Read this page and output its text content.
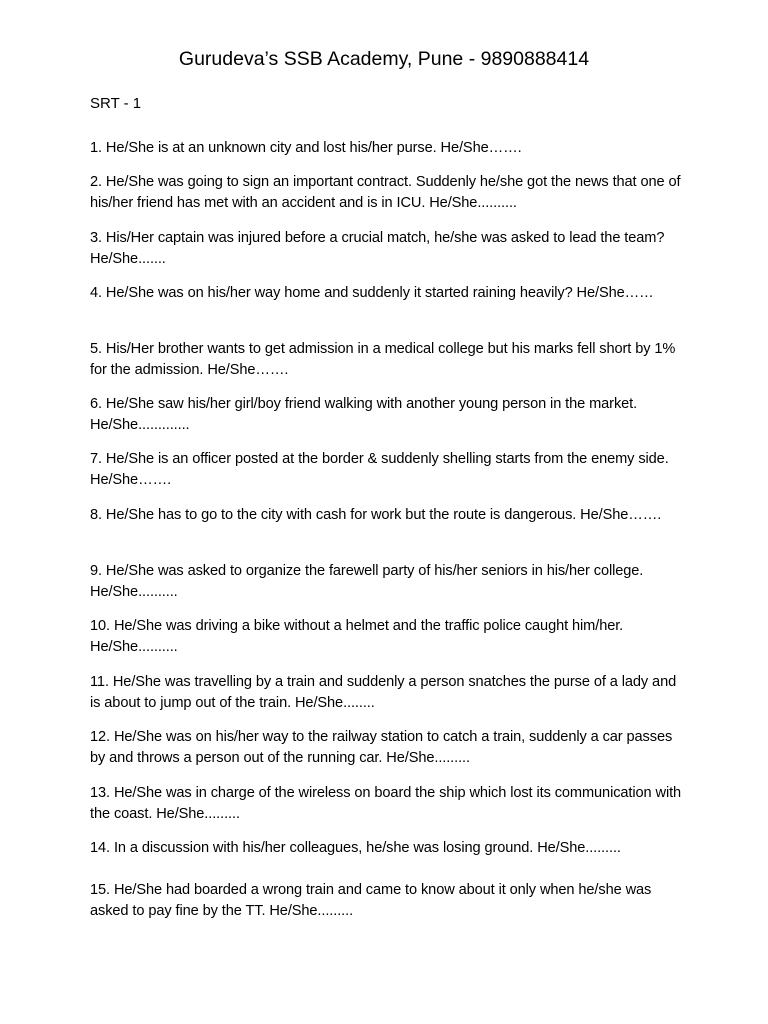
Gurudeva’s SSB Academy, Pune - 9890888414
SRT - 1
1. He/She is at an unknown city and lost his/her purse. He/She…….
2. He/She was going to sign an important contract. Suddenly he/she got the news that one of his/her friend has met with an accident and is in ICU. He/She..........
3. His/Her captain was injured before a crucial match, he/she was asked to lead the team? He/She.......
4. He/She was on his/her way home and suddenly it started raining heavily? He/She……
5. His/Her brother wants to get admission in a medical college but his marks fell short by 1% for the admission. He/She…….
6. He/She saw his/her girl/boy friend walking with another young person in the market. He/She.............
7. He/She is an officer posted at the border & suddenly shelling starts from the enemy side. He/She…….
8. He/She has to go to the city with cash for work but the route is dangerous. He/She…….
9. He/She was asked to organize the farewell party of his/her seniors in his/her college. He/She..........
10. He/She was driving a bike without a helmet and the traffic police caught him/her. He/She..........
11. He/She was travelling by a train and suddenly a person snatches the purse of a lady and is about to jump out of the train. He/She........
12. He/She was on his/her way to the railway station to catch a train, suddenly a car passes by and throws a person out of the running car. He/She.........
13. He/She was in charge of the wireless on board the ship which lost its communication with the coast. He/She.........
14. In a discussion with his/her colleagues, he/she was losing ground. He/She.........
15. He/She had boarded a wrong train and came to know about it only when he/she was asked to pay fine by the TT. He/She.........
